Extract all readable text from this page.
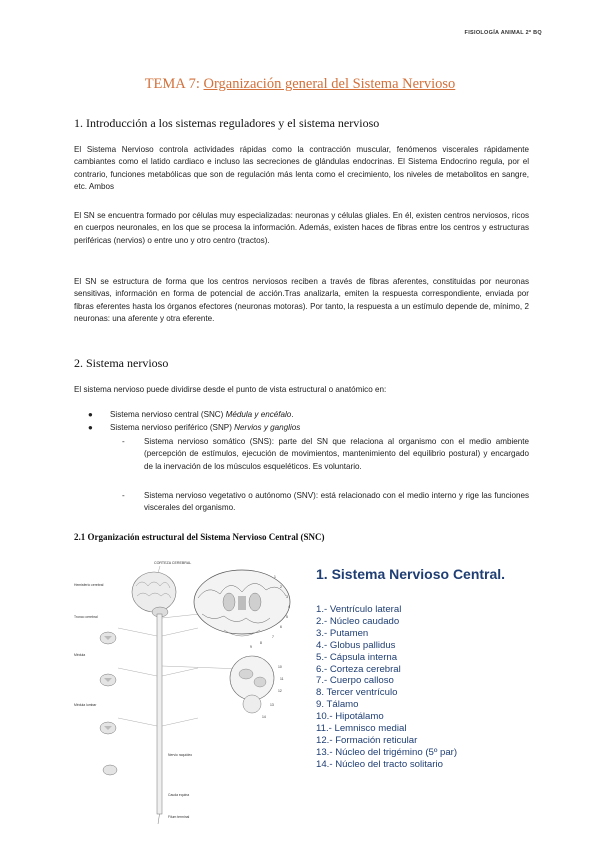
FISIOLOGÍA ANIMAL 2º BQ
TEMA 7: Organización general del Sistema Nervioso
1. Introducción a los sistemas reguladores y el sistema nervioso

El Sistema Nervioso controla actividades rápidas como la contracción muscular, fenómenos viscerales rápidamente cambiantes como el latido cardiaco e incluso las secreciones de glándulas endocrinas. El Sistema Endocrino regula, por el contrario, funciones metabólicas que son de regulación más lenta como el crecimiento, los niveles de metabolitos en sangre, etc. Ambos

El SN se encuentra formado por células muy especializadas: neuronas y células gliales. En él, existen centros nerviosos, ricos en cuerpos neuronales, en los que se procesa la información. Además, existen haces de fibras entre los centros y estructuras periféricas (nervios) o entre uno y otro centro (tractos).

El SN se estructura de forma que los centros nerviosos reciben a través de fibras aferentes, constituidas por neuronas sensitivas, información en forma de potencial de acción.Tras analizarla, emiten la respuesta correspondiente, enviada por fibras eferentes hasta los órganos efectores (neuronas motoras). Por tanto, la respuesta a un estímulo depende de, mínimo, 2 neuronas: una aferente y otra eferente.

2. Sistema nervioso

El sistema nervioso puede dividirse desde el punto de vista estructural o anatómico en:

● Sistema nervioso central (SNC) Médula y encéfalo.
● Sistema nervioso periférico (SNP) Nervios y ganglios
- Sistema nervioso somático (SNS): parte del SN que relaciona al organismo con el medio ambiente (percepción de estímulos, ejecución de movimientos, mantenimiento del equilibrio postural) y encargado de la inervación de los músculos esqueléticos. Es voluntario.
- Sistema nervioso vegetativo o autónomo (SNV): está relacionado con el medio interno y rige las funciones viscerales del organismo.
2.1 Organización estructural del Sistema Nervioso Central (SNC)
CORTEZA CEREBRAL
Hemisferio cerebral
Tronco cerebral
Médula
Médula lumbar
Nervio raquídeo
Cauda equina
Filum terminal
1
2
3
4
5
6
7
8
9
10
11
12
13
14
1. Sistema Nervioso Central.
1.- Ventrículo lateral
2.- Núcleo caudado
3.- Putamen
4.- Globus pallidus
5.- Cápsula interna
6.- Corteza cerebral
7.- Cuerpo calloso
8. Tercer ventrículo
9. Tálamo
10.- Hipotálamo
11.- Lemnisco medial
12.- Formación reticular
13.- Núcleo del trigémino (5º par)
14.- Núcleo del tracto solitario
